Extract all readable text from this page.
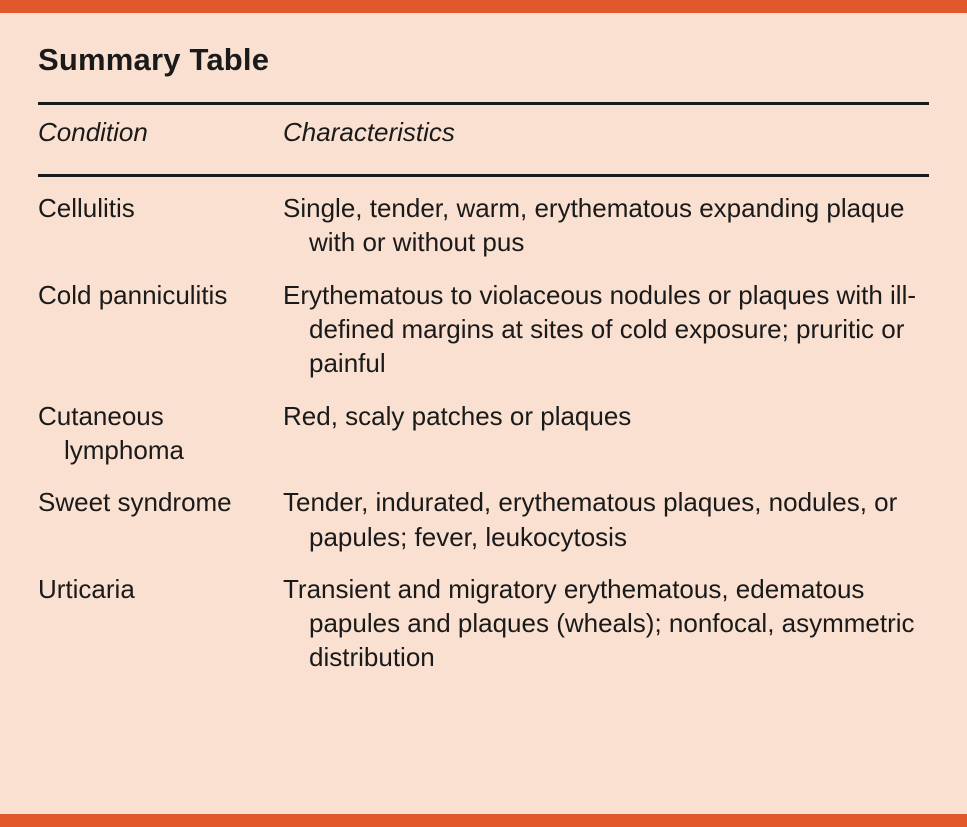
Summary Table
Condition	Characteristics
Cellulitis	Single, tender, warm, erythematous expanding plaque with or without pus
Cold panniculitis	Erythematous to violaceous nodules or plaques with ill-defined margins at sites of cold exposure; pruritic or painful
Cutaneous lymphoma	Red, scaly patches or plaques
Sweet syndrome	Tender, indurated, erythematous plaques, nodules, or papules; fever, leukocytosis
Urticaria	Transient and migratory erythematous, edematous papules and plaques (wheals); nonfocal, asymmetric distribution
